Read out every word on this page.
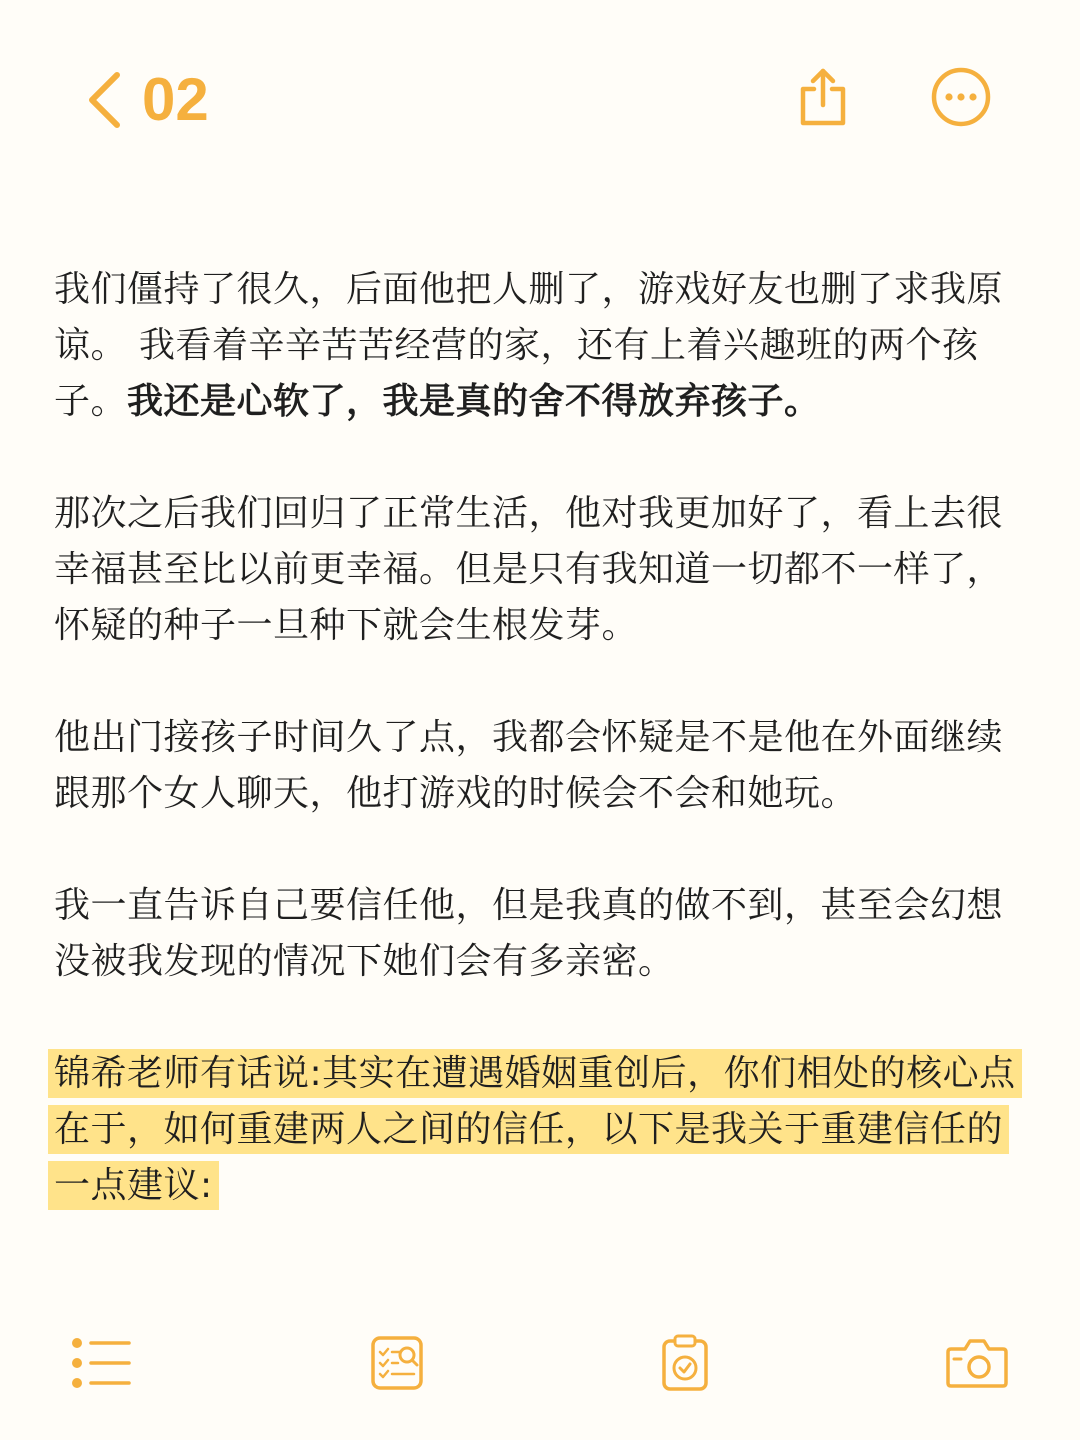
02

我们僵持了很久，后面他把人删了，游戏好友也删了求我原谅。 我看着辛辛苦苦经营的家，还有上着兴趣班的两个孩子。我还是心软了，我是真的舍不得放弃孩子。

那次之后我们回归了正常生活，他对我更加好了，看上去很幸福甚至比以前更幸福。但是只有我知道一切都不一样了，怀疑的种子一旦种下就会生根发芽。

他出门接孩子时间久了点，我都会怀疑是不是他在外面继续跟那个女人聊天，他打游戏的时候会不会和她玩。

我一直告诉自己要信任他，但是我真的做不到，甚至会幻想没被我发现的情况下她们会有多亲密。

锦希老师有话说:其实在遭遇婚姻重创后，你们相处的核心点在于，如何重建两人之间的信任，以下是我关于重建信任的一点建议:
